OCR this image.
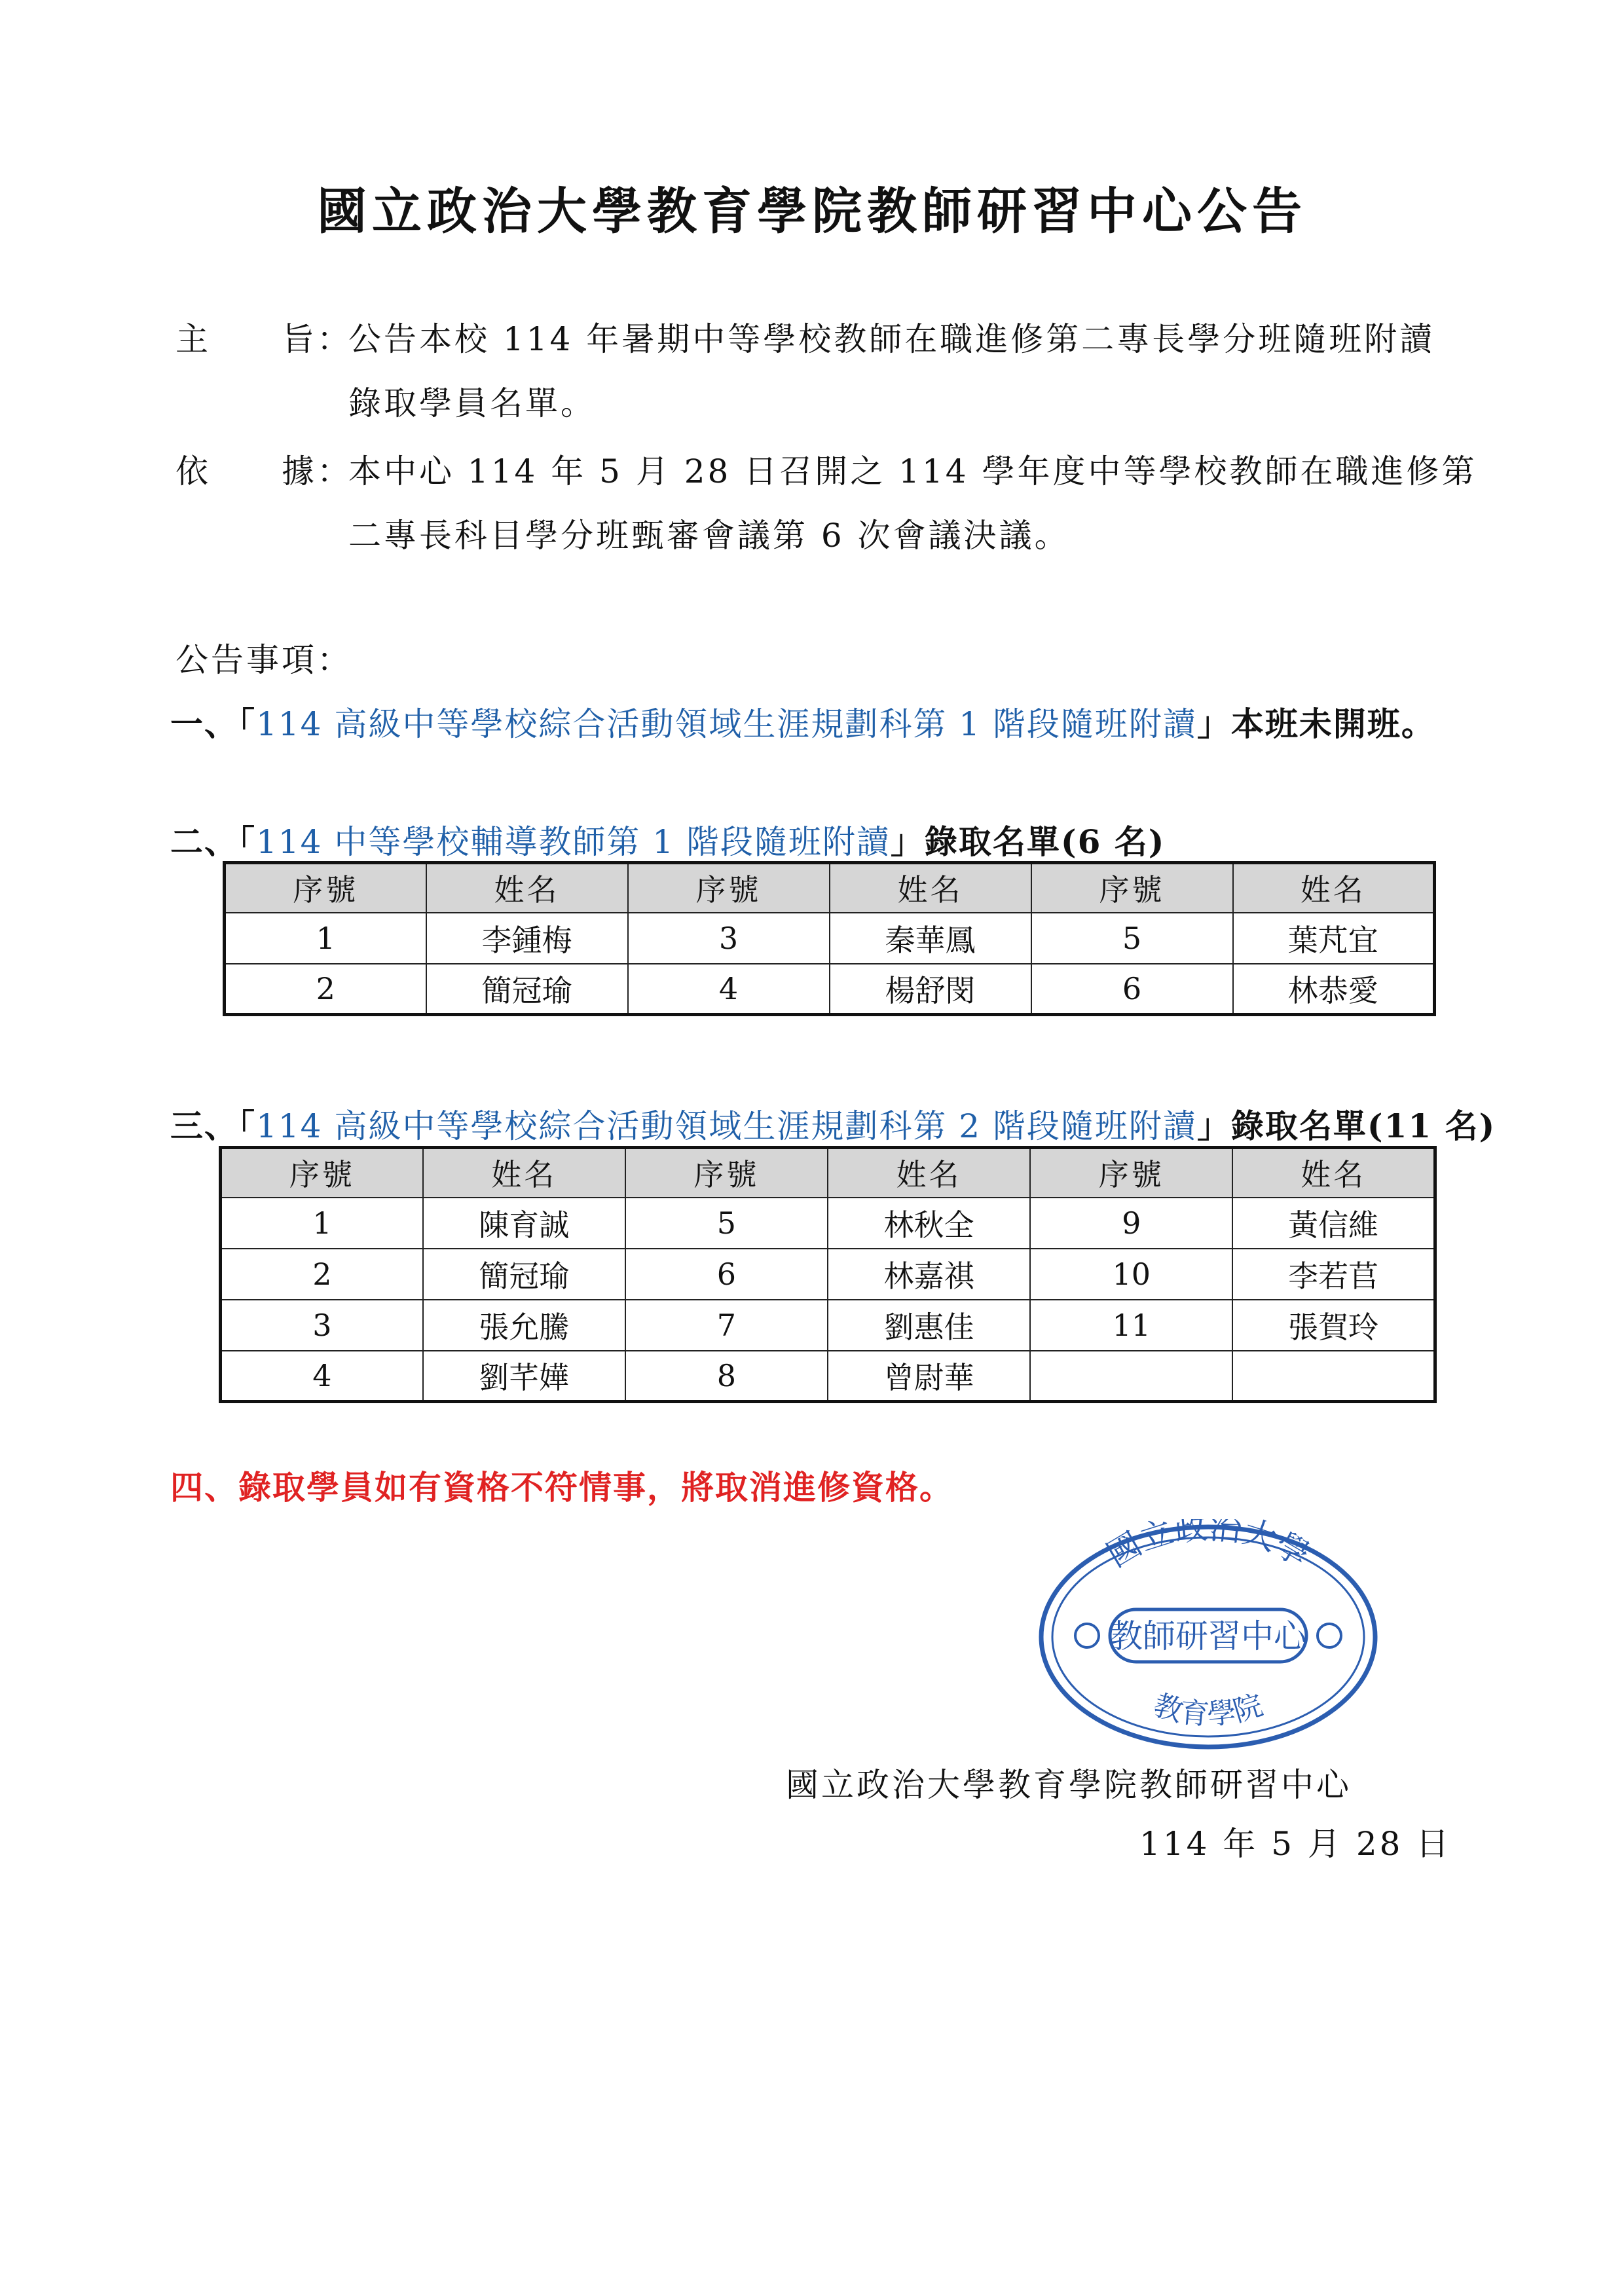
國立政治大學教育學院教師研習中心公告
主　　旨：
公告本校 114 年暑期中等學校教師在職進修第二專長學分班隨班附讀
錄取學員名單。
依　　據：
本中心 114 年 5 月 28 日召開之 114 學年度中等學校教師在職進修第
二專長科目學分班甄審會議第 6 次會議決議。
公告事項：
一、「114 高級中等學校綜合活動領域生涯規劃科第 1 階段隨班附讀」本班未開班。
二、「114 中等學校輔導教師第 1 階段隨班附讀」錄取名單(6 名)
序號	姓名	序號	姓名	序號	姓名
1	李鍾梅	3	秦華鳳	5	葉芃宜
2	簡冠瑜	4	楊舒閔	6	林恭愛
三、「114 高級中等學校綜合活動領域生涯規劃科第 2 階段隨班附讀」錄取名單(11 名)
序號	姓名	序號	姓名	序號	姓名
1	陳育誠	5	林秋全	9	黃信維
2	簡冠瑜	6	林嘉祺	10	李若苢
3	張允騰	7	劉惠佳	11	張賀玲
4	劉芊嬅	8	曾尉華		
四、錄取學員如有資格不符情事，將取消進修資格。
國立政治大學
教師研習中心
教育學院
國立政治大學教育學院教師研習中心
114 年 5 月 28 日
